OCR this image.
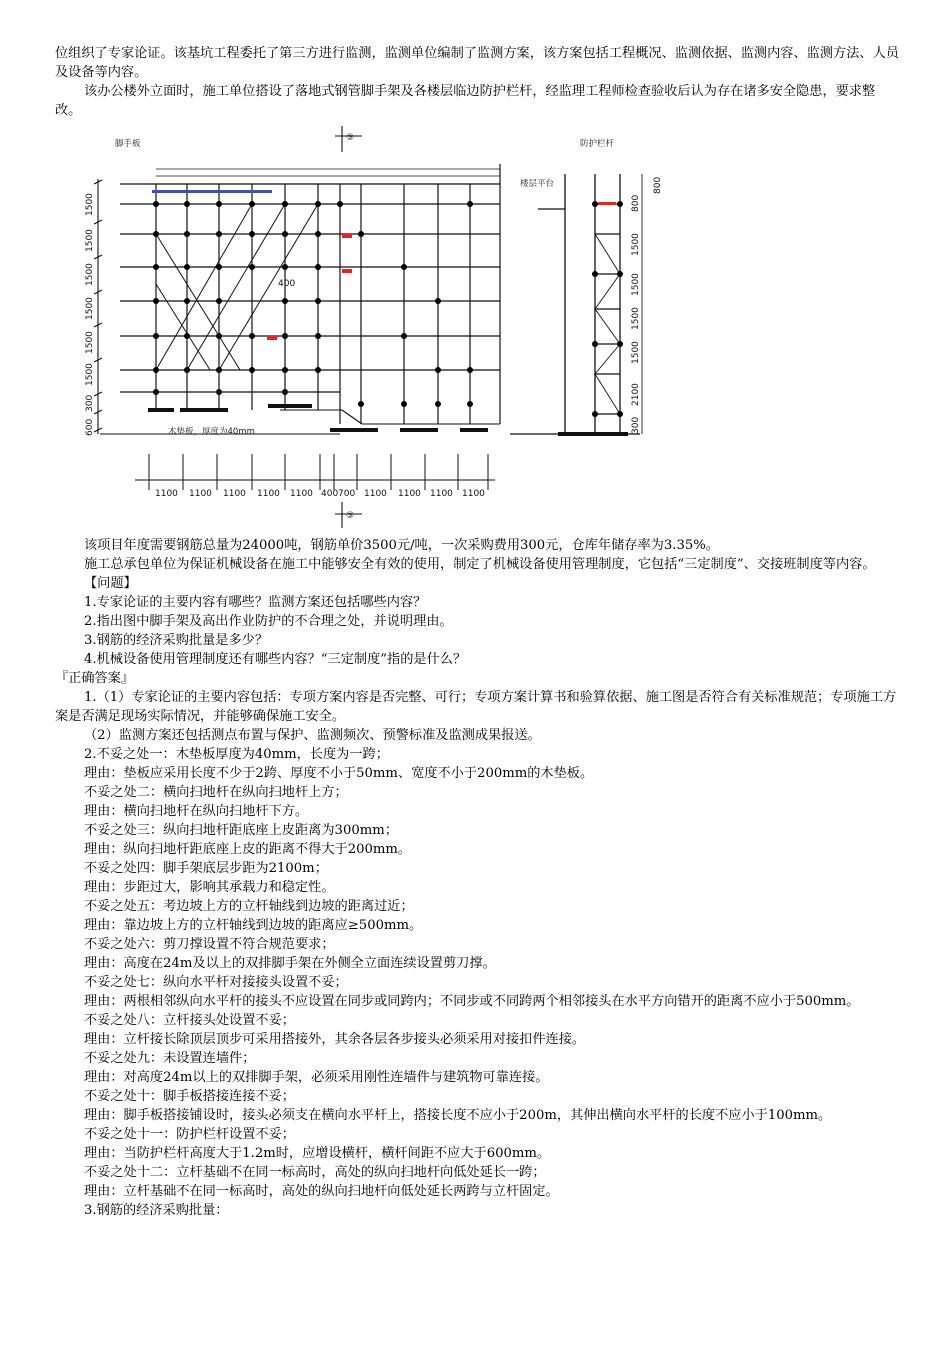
位组织了专家论证。该基坑工程委托了第三方进行监测，监测单位编制了监测方案，该方案包括工程概况、监测依据、监测内容、监测方法、人员及设备等内容。

该办公楼外立面时，施工单位搭设了落地式钢管脚手架及各楼层临边防护栏杆，经监理工程师检查验收后认为存在诸多安全隐患，要求整改。

脚手板	防护栏杆
楼层平台
木垫板，厚度为40mm
⑤
⑤
400
1500
1500
1500
1500
1500
1500
300
600
800
800
1500
1500
1500
1500
2100
300
1100 1100 1100 1100 1100 400 700 1100 1100 1100 1100

该项目年度需要钢筋总量为24000吨，钢筋单价3500元/吨，一次采购费用300元，仓库年储存率为3.35%。

施工总承包单位为保证机械设备在施工中能够安全有效的使用，制定了机械设备使用管理制度，它包括“三定制度”、交接班制度等内容。

【问题】

1.专家论证的主要内容有哪些？监测方案还包括哪些内容？

2.指出图中脚手架及高出作业防护的不合理之处，并说明理由。

3.钢筋的经济采购批量是多少？

4.机械设备使用管理制度还有哪些内容？“三定制度”指的是什么？

『正确答案』

1.（1）专家论证的主要内容包括：专项方案内容是否完整、可行；专项方案计算书和验算依据、施工图是否符合有关标准规范；专项施工方案是否满足现场实际情况，并能够确保施工安全。

（2）监测方案还包括测点布置与保护、监测频次、预警标准及监测成果报送。

2.不妥之处一：木垫板厚度为40mm，长度为一跨；

理由：垫板应采用长度不少于2跨、厚度不小于50mm、宽度不小于200mm的木垫板。

不妥之处二：横向扫地杆在纵向扫地杆上方；

理由：横向扫地杆在纵向扫地杆下方。

不妥之处三：纵向扫地杆距底座上皮距离为300mm；

理由：纵向扫地杆距底座上皮的距离不得大于200mm。

不妥之处四：脚手架底层步距为2100m；

理由：步距过大，影响其承载力和稳定性。

不妥之处五：考边坡上方的立杆轴线到边坡的距离过近；

理由：靠边坡上方的立杆轴线到边坡的距离应≥500mm。

不妥之处六：剪刀撑设置不符合规范要求；

理由：高度在24m及以上的双排脚手架在外侧全立面连续设置剪刀撑。

不妥之处七：纵向水平杆对接接头设置不妥；

理由：两根相邻纵向水平杆的接头不应设置在同步或同跨内；不同步或不同跨两个相邻接头在水平方向错开的距离不应小于500mm。

不妥之处八：立杆接头处设置不妥；

理由：立杆接长除顶层顶步可采用搭接外，其余各层各步接头必须采用对接扣件连接。

不妥之处九：未设置连墙件；

理由：对高度24m以上的双排脚手架，必须采用刚性连墙件与建筑物可靠连接。

不妥之处十：脚手板搭接连接不妥；

理由：脚手板搭接铺设时，接头必须支在横向水平杆上，搭接长度不应小于200m，其伸出横向水平杆的长度不应小于100mm。

不妥之处十一：防护栏杆设置不妥；

理由：当防护栏杆高度大于1.2m时，应增设横杆，横杆间距不应大于600mm。

不妥之处十二：立杆基础不在同一标高时，高处的纵向扫地杆向低处延长一跨；

理由：立杆基础不在同一标高时，高处的纵向扫地杆向低处延长两跨与立杆固定。

3.钢筋的经济采购批量：
